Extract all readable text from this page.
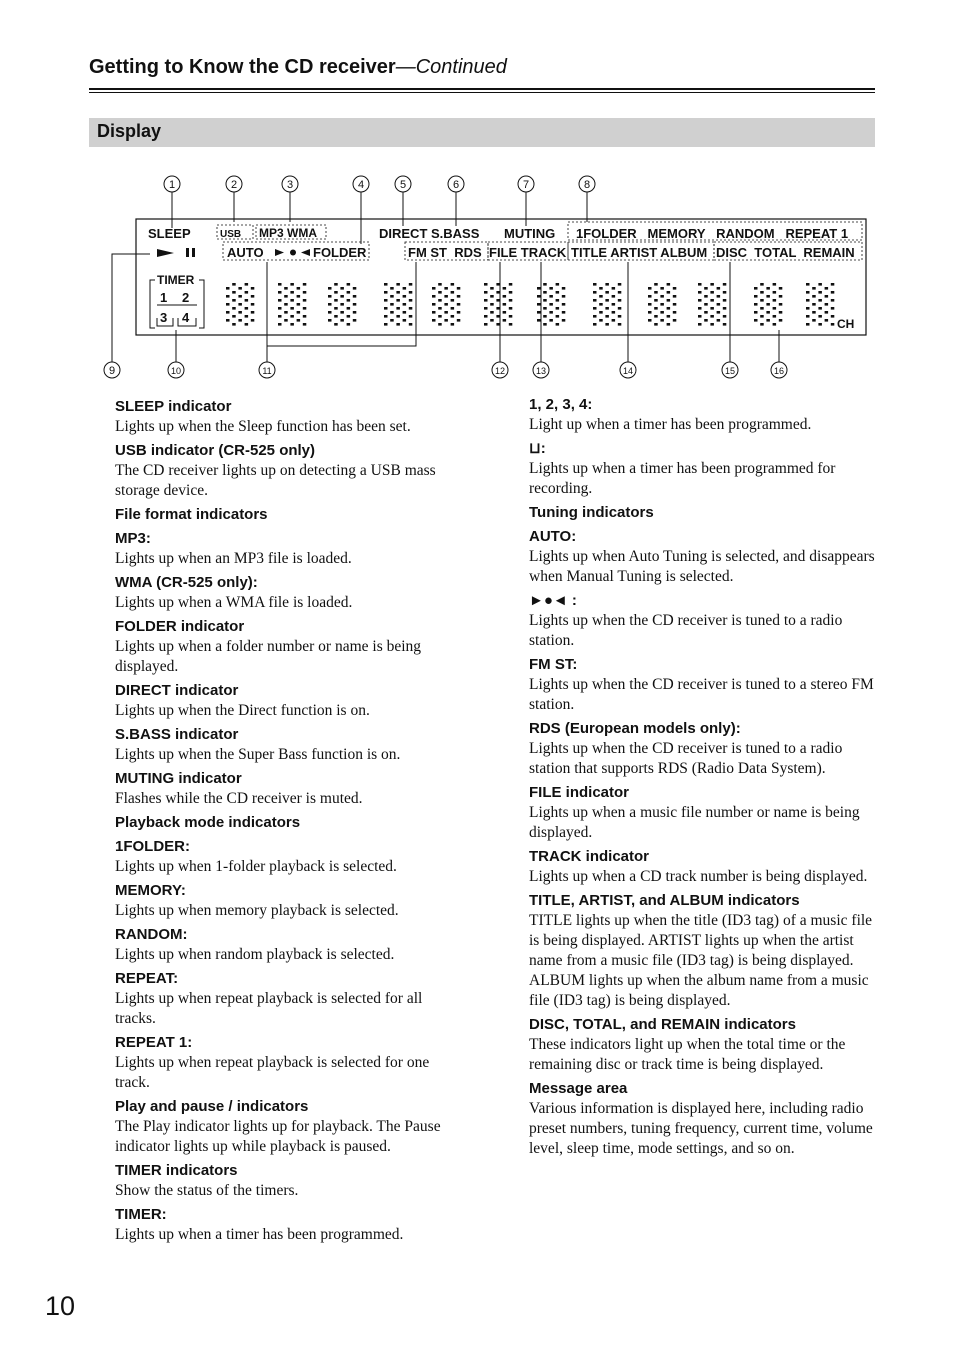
Getting to Know the CD receiver—Continued
Display
1	2	3	4	5	6	7	8
9	10	11	12	13	14	15	16
SLEEP	USB MP3 WMA	DIRECT S.BASS MUTING 1FOLDER   MEMORY   RANDOM   REPEAT 1
AUTO	FOLDER	FM ST  RDS FILE TRACK TITLE ARTIST ALBUM DISC  TOTAL  REMAIN
TIMER
1 2
3 4	CH
SLEEP indicator
Lights up when the Sleep function has been set.
USB indicator (CR-525 only)
The CD receiver lights up on detecting a USB mass storage device.
File format indicators
MP3:
Lights up when an MP3 file is loaded.
WMA (CR-525 only):
Lights up when a WMA file is loaded.
FOLDER indicator
Lights up when a folder number or name is being displayed.
DIRECT indicator
Lights up when the Direct function is on.
S.BASS indicator
Lights up when the Super Bass function is on.
MUTING indicator
Flashes while the CD receiver is muted.
Playback mode indicators
1FOLDER:
Lights up when 1-folder playback is selected.
MEMORY:
Lights up when memory playback is selected.
RANDOM:
Lights up when random playback is selected.
REPEAT:
Lights up when repeat playback is selected for all tracks.
REPEAT 1:
Lights up when repeat playback is selected for one track.
Play and pause / indicators
The Play indicator lights up for playback. The Pause indicator lights up while playback is paused.
TIMER indicators
Show the status of the timers.
TIMER:
Lights up when a timer has been programmed.
1, 2, 3, 4:
Light up when a timer has been programmed.
⊔:
Lights up when a timer has been programmed for recording.
Tuning indicators
AUTO:
Lights up when Auto Tuning is selected, and disappears when Manual Tuning is selected.
►●◄ :
Lights up when the CD receiver is tuned to a radio station.
FM ST:
Lights up when the CD receiver is tuned to a stereo FM station.
RDS (European models only):
Lights up when the CD receiver is tuned to a radio station that supports RDS (Radio Data System).
FILE indicator
Lights up when a music file number or name is being displayed.
TRACK indicator
Lights up when a CD track number is being displayed.
TITLE, ARTIST, and ALBUM indicators
TITLE lights up when the title (ID3 tag) of a music file is being displayed. ARTIST lights up when the artist name from a music file (ID3 tag) is being displayed. ALBUM lights up when the album name from a music file (ID3 tag) is being displayed.
DISC, TOTAL, and REMAIN indicators
These indicators light up when the total time or the remaining disc or track time is being displayed.
Message area
Various information is displayed here, including radio preset numbers, tuning frequency, current time, volume level, sleep time, mode settings, and so on.
10
